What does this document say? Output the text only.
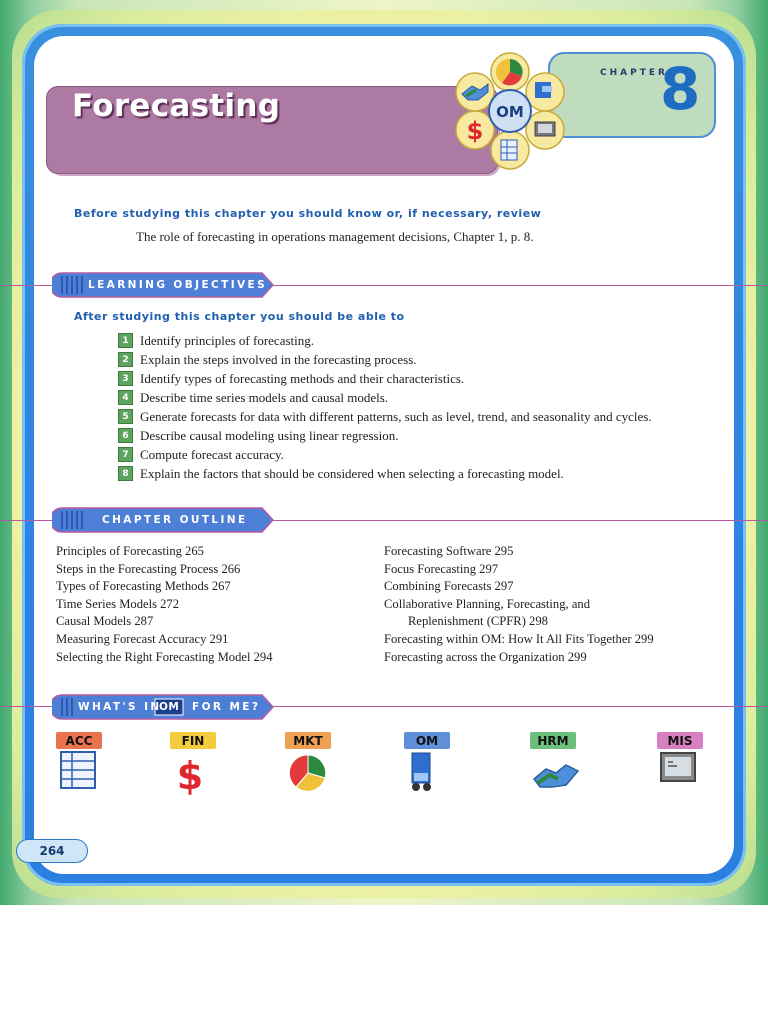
Forecasting
CHAPTER
8
$
OM
Before studying this chapter you should know or, if necessary, review
The role of forecasting in operations management decisions, Chapter 1, p. 8.
LEARNING OBJECTIVES
After studying this chapter you should be able to
1 Identify principles of forecasting.
2 Explain the steps involved in the forecasting process.
3 Identify types of forecasting methods and their characteristics.
4 Describe time series models and causal models.
5 Generate forecasts for data with different patterns, such as level, trend, and seasonality and cycles.
6 Describe causal modeling using linear regression.
7 Compute forecast accuracy.
8 Explain the factors that should be considered when selecting a forecasting model.
CHAPTER OUTLINE
Principles of Forecasting 265
Steps in the Forecasting Process 266
Types of Forecasting Methods 267
Time Series Models 272
Causal Models 287
Measuring Forecast Accuracy 291
Selecting the Right Forecasting Model 294
Forecasting Software 295
Focus Forecasting 297
Combining Forecasts 297
Collaborative Planning, Forecasting, and
Replenishment (CPFR) 298
Forecasting within OM: How It All Fits Together 299
Forecasting across the Organization 299
WHAT'S IN
OM FOR ME?
ACC	FIN
$
MKT	OM	HRM	MIS
264
